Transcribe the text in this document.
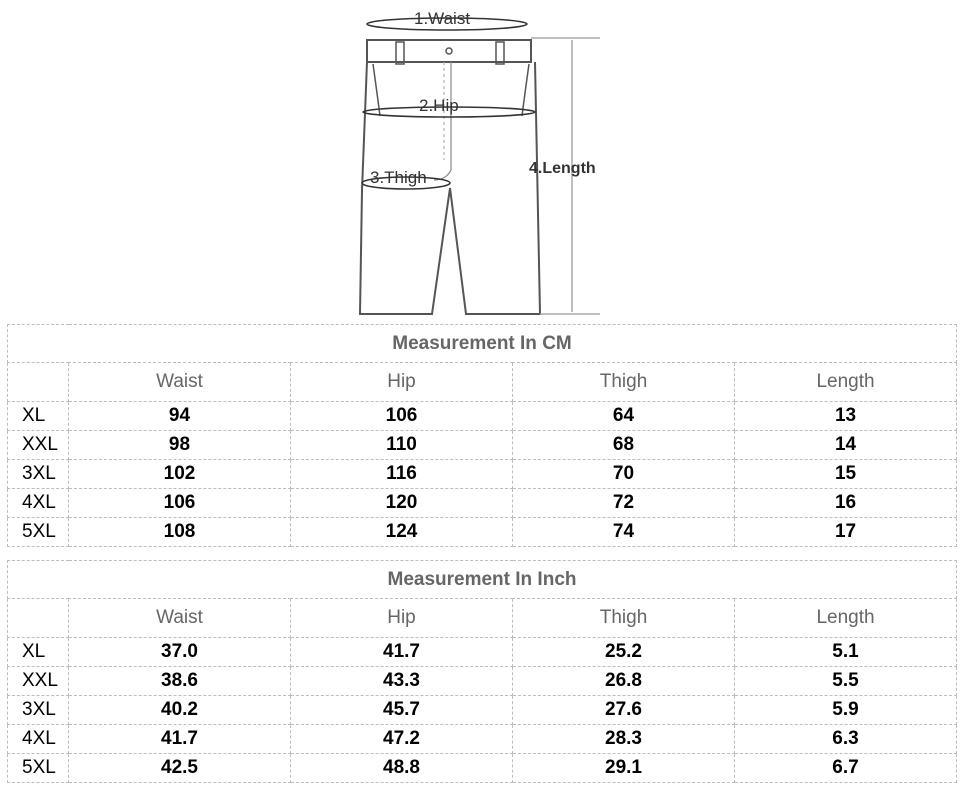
1.Waist
2.Hip
3.Thigh	4.Length
Measurement In CM				
	Waist	Hip	Thigh	Length
XL	94	106	64	13
XXL	98	110	68	14
3XL	102	116	70	15
4XL	106	120	72	16
5XL	108	124	74	17
Measurement In Inch				
	Waist	Hip	Thigh	Length
XL	37.0	41.7	25.2	5.1
XXL	38.6	43.3	26.8	5.5
3XL	40.2	45.7	27.6	5.9
4XL	41.7	47.2	28.3	6.3
5XL	42.5	48.8	29.1	6.7
